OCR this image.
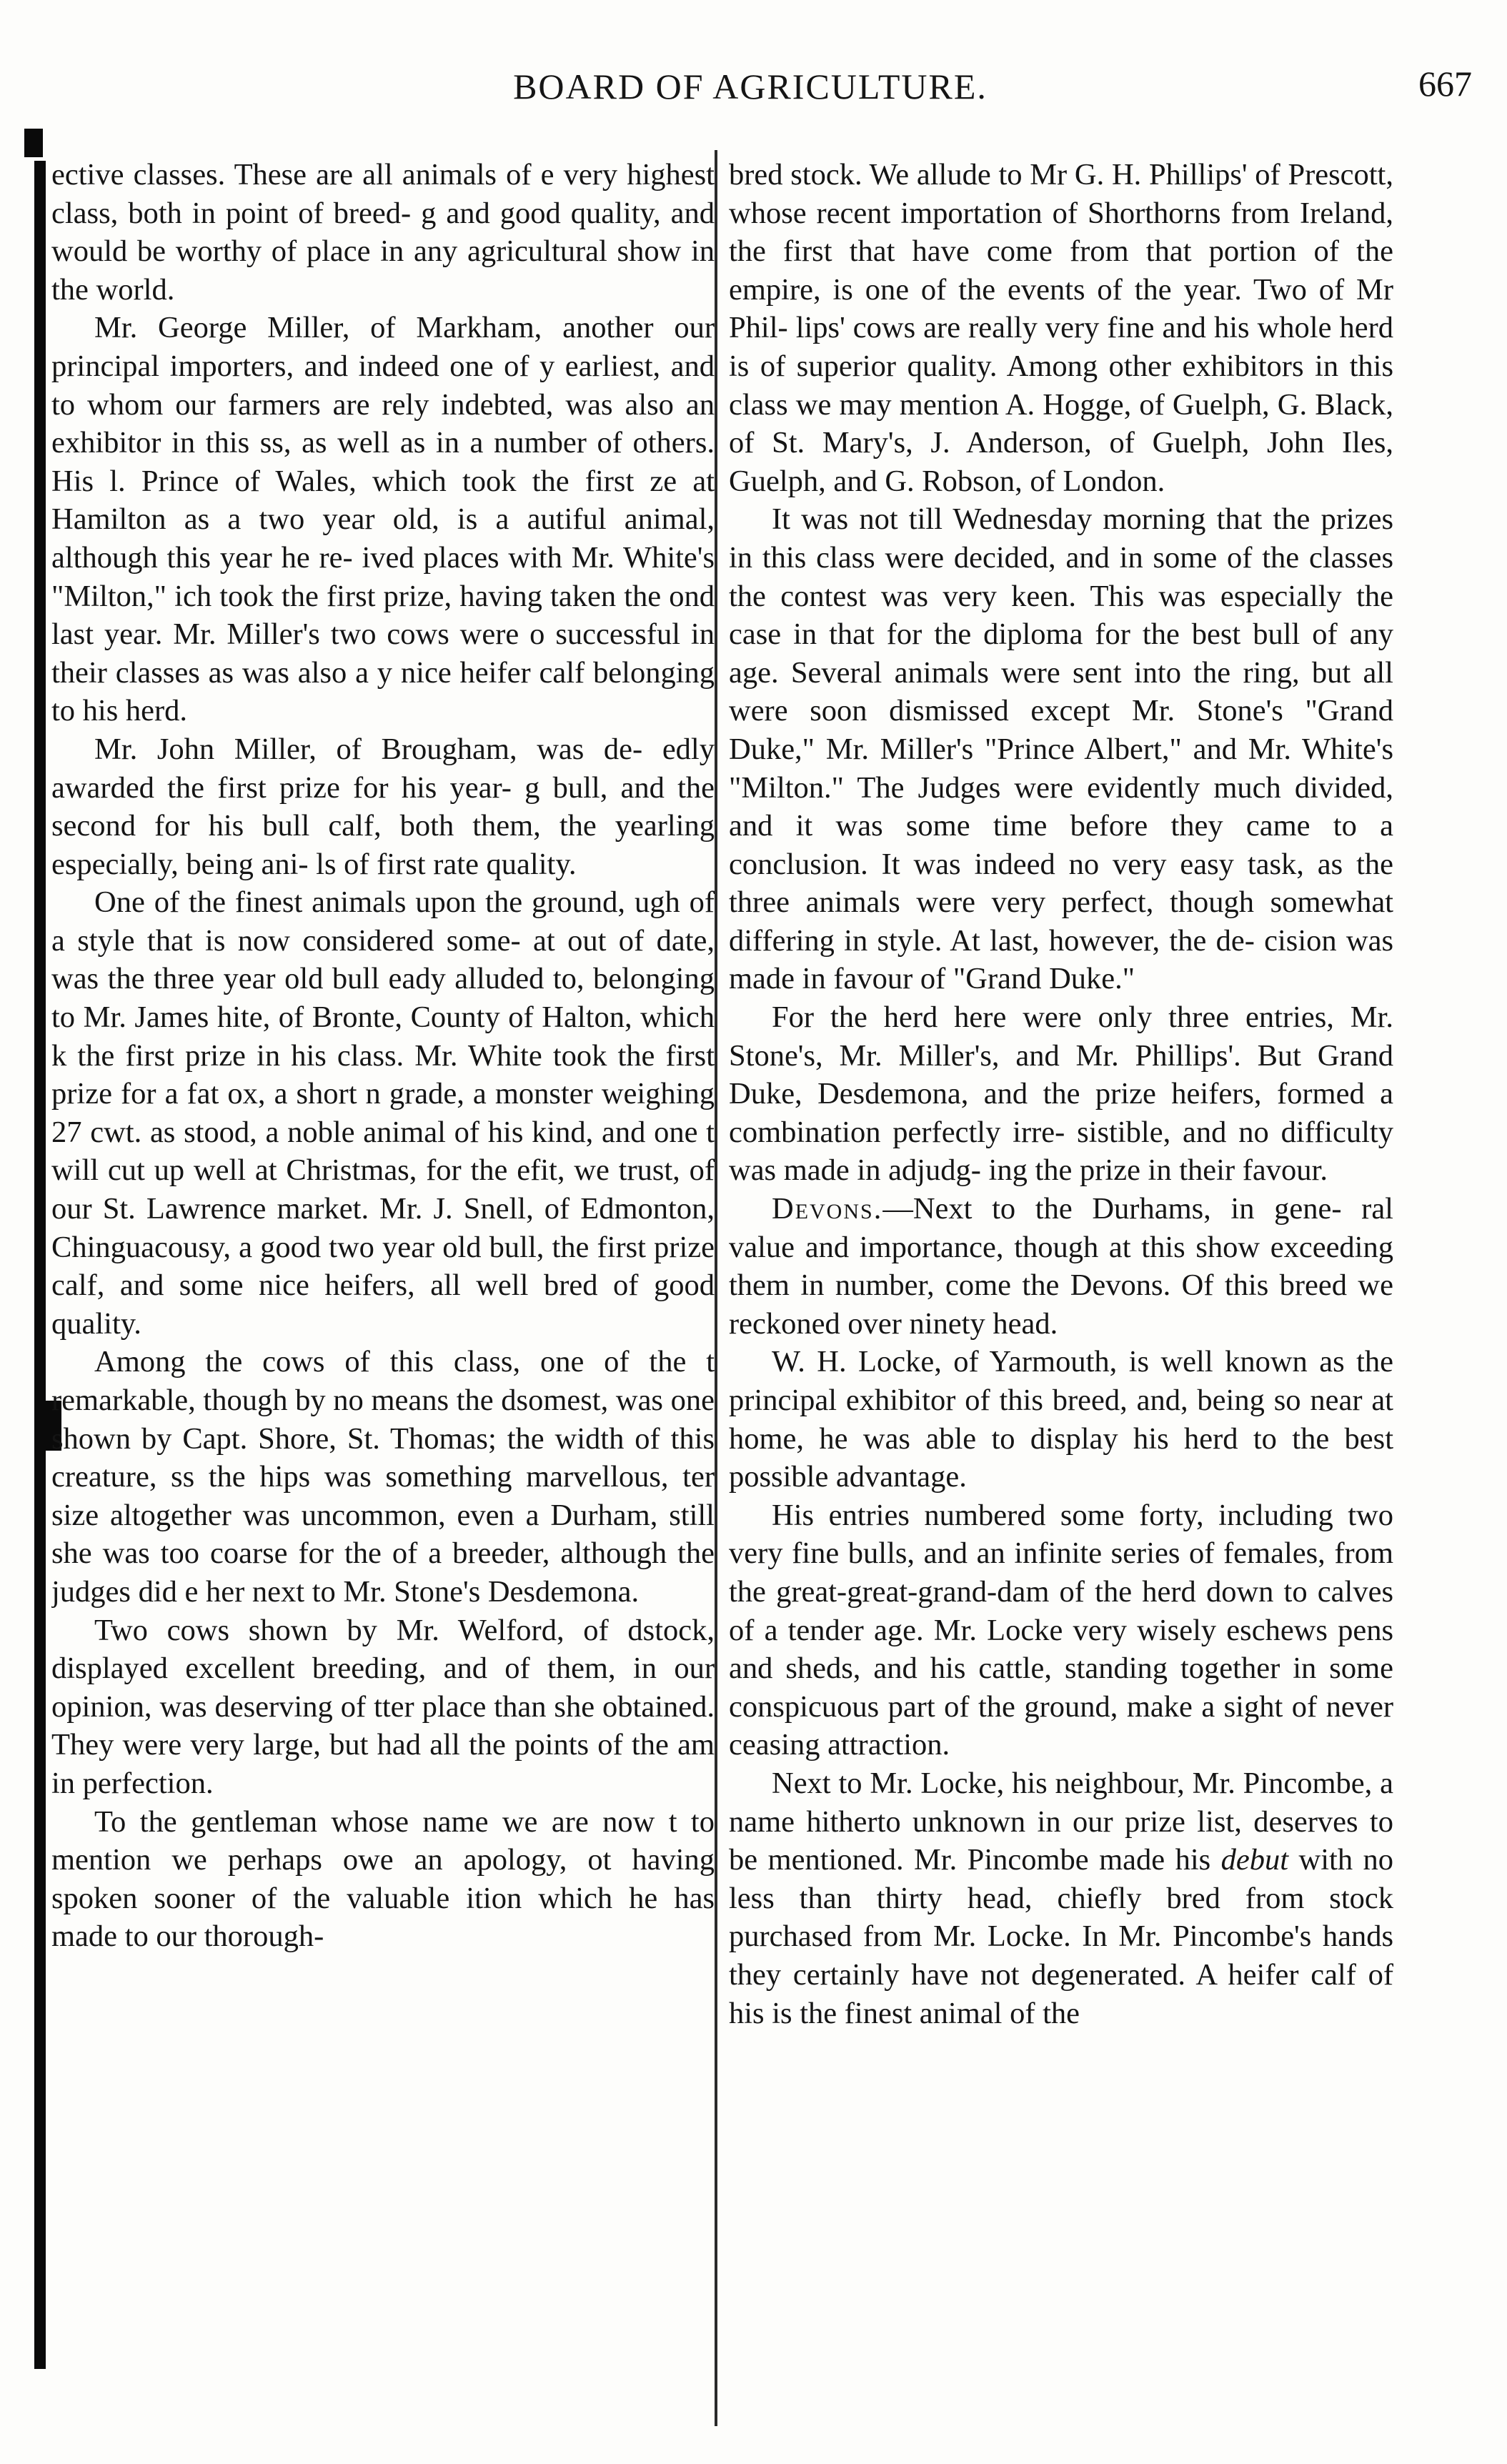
BOARD OF AGRICULTURE.	667

ective classes. These are all animals of e very highest class, both in point of breed- g and good quality, and would be worthy of place in any agricultural show in the world.

Mr. George Miller, of Markham, another our principal importers, and indeed one of y earliest, and to whom our farmers are rely indebted, was also an exhibitor in this ss, as well as in a number of others. His l. Prince of Wales, which took the first ze at Hamilton as a two year old, is a autiful animal, although this year he re- ived places with Mr. White's "Milton," ich took the first prize, having taken the ond last year. Mr. Miller's two cows were o successful in their classes as was also a y nice heifer calf belonging to his herd.

Mr. John Miller, of Brougham, was de- edly awarded the first prize for his year- g bull, and the second for his bull calf, both them, the yearling especially, being ani- ls of first rate quality.

One of the finest animals upon the ground, ugh of a style that is now considered some- at out of date, was the three year old bull eady alluded to, belonging to Mr. James hite, of Bronte, County of Halton, which k the first prize in his class. Mr. White took the first prize for a fat ox, a short n grade, a monster weighing 27 cwt. as stood, a noble animal of his kind, and one t will cut up well at Christmas, for the efit, we trust, of our St. Lawrence market. Mr. J. Snell, of Edmonton, Chinguacousy, a good two year old bull, the first prize calf, and some nice heifers, all well bred of good quality.

Among the cows of this class, one of the t remarkable, though by no means the dsomest, was one shown by Capt. Shore, St. Thomas; the width of this creature, ss the hips was something marvellous, ter size altogether was uncommon, even a Durham, still she was too coarse for the of a breeder, although the judges did e her next to Mr. Stone's Desdemona.

Two cows shown by Mr. Welford, of dstock, displayed excellent breeding, and of them, in our opinion, was deserving of tter place than she obtained. They were very large, but had all the points of the am in perfection.

To the gentleman whose name we are now t to mention we perhaps owe an apology, ot having spoken sooner of the valuable ition which he has made to our thorough-

bred stock. We allude to Mr G. H. Phillips' of Prescott, whose recent importation of Shorthorns from Ireland, the first that have come from that portion of the empire, is one of the events of the year. Two of Mr Phil- lips' cows are really very fine and his whole herd is of superior quality. Among other exhibitors in this class we may mention A. Hogge, of Guelph, G. Black, of St. Mary's, J. Anderson, of Guelph, John Iles, Guelph, and G. Robson, of London.

It was not till Wednesday morning that the prizes in this class were decided, and in some of the classes the contest was very keen. This was especially the case in that for the diploma for the best bull of any age. Several animals were sent into the ring, but all were soon dismissed except Mr. Stone's "Grand Duke," Mr. Miller's "Prince Albert," and Mr. White's "Milton." The Judges were evidently much divided, and it was some time before they came to a conclusion. It was indeed no very easy task, as the three animals were very perfect, though somewhat differing in style. At last, however, the de- cision was made in favour of "Grand Duke."

For the herd here were only three entries, Mr. Stone's, Mr. Miller's, and Mr. Phillips'. But Grand Duke, Desdemona, and the prize heifers, formed a combination perfectly irre- sistible, and no difficulty was made in adjudg- ing the prize in their favour.

Devons.—Next to the Durhams, in gene- ral value and importance, though at this show exceeding them in number, come the Devons. Of this breed we reckoned over ninety head.

W. H. Locke, of Yarmouth, is well known as the principal exhibitor of this breed, and, being so near at home, he was able to display his herd to the best possible advantage.

His entries numbered some forty, including two very fine bulls, and an infinite series of females, from the great-great-grand-dam of the herd down to calves of a tender age. Mr. Locke very wisely eschews pens and sheds, and his cattle, standing together in some conspicuous part of the ground, make a sight of never ceasing attraction.

Next to Mr. Locke, his neighbour, Mr. Pincombe, a name hitherto unknown in our prize list, deserves to be mentioned. Mr. Pincombe made his debut with no less than thirty head, chiefly bred from stock purchased from Mr. Locke. In Mr. Pincombe's hands they certainly have not degenerated. A heifer calf of his is the finest animal of the
